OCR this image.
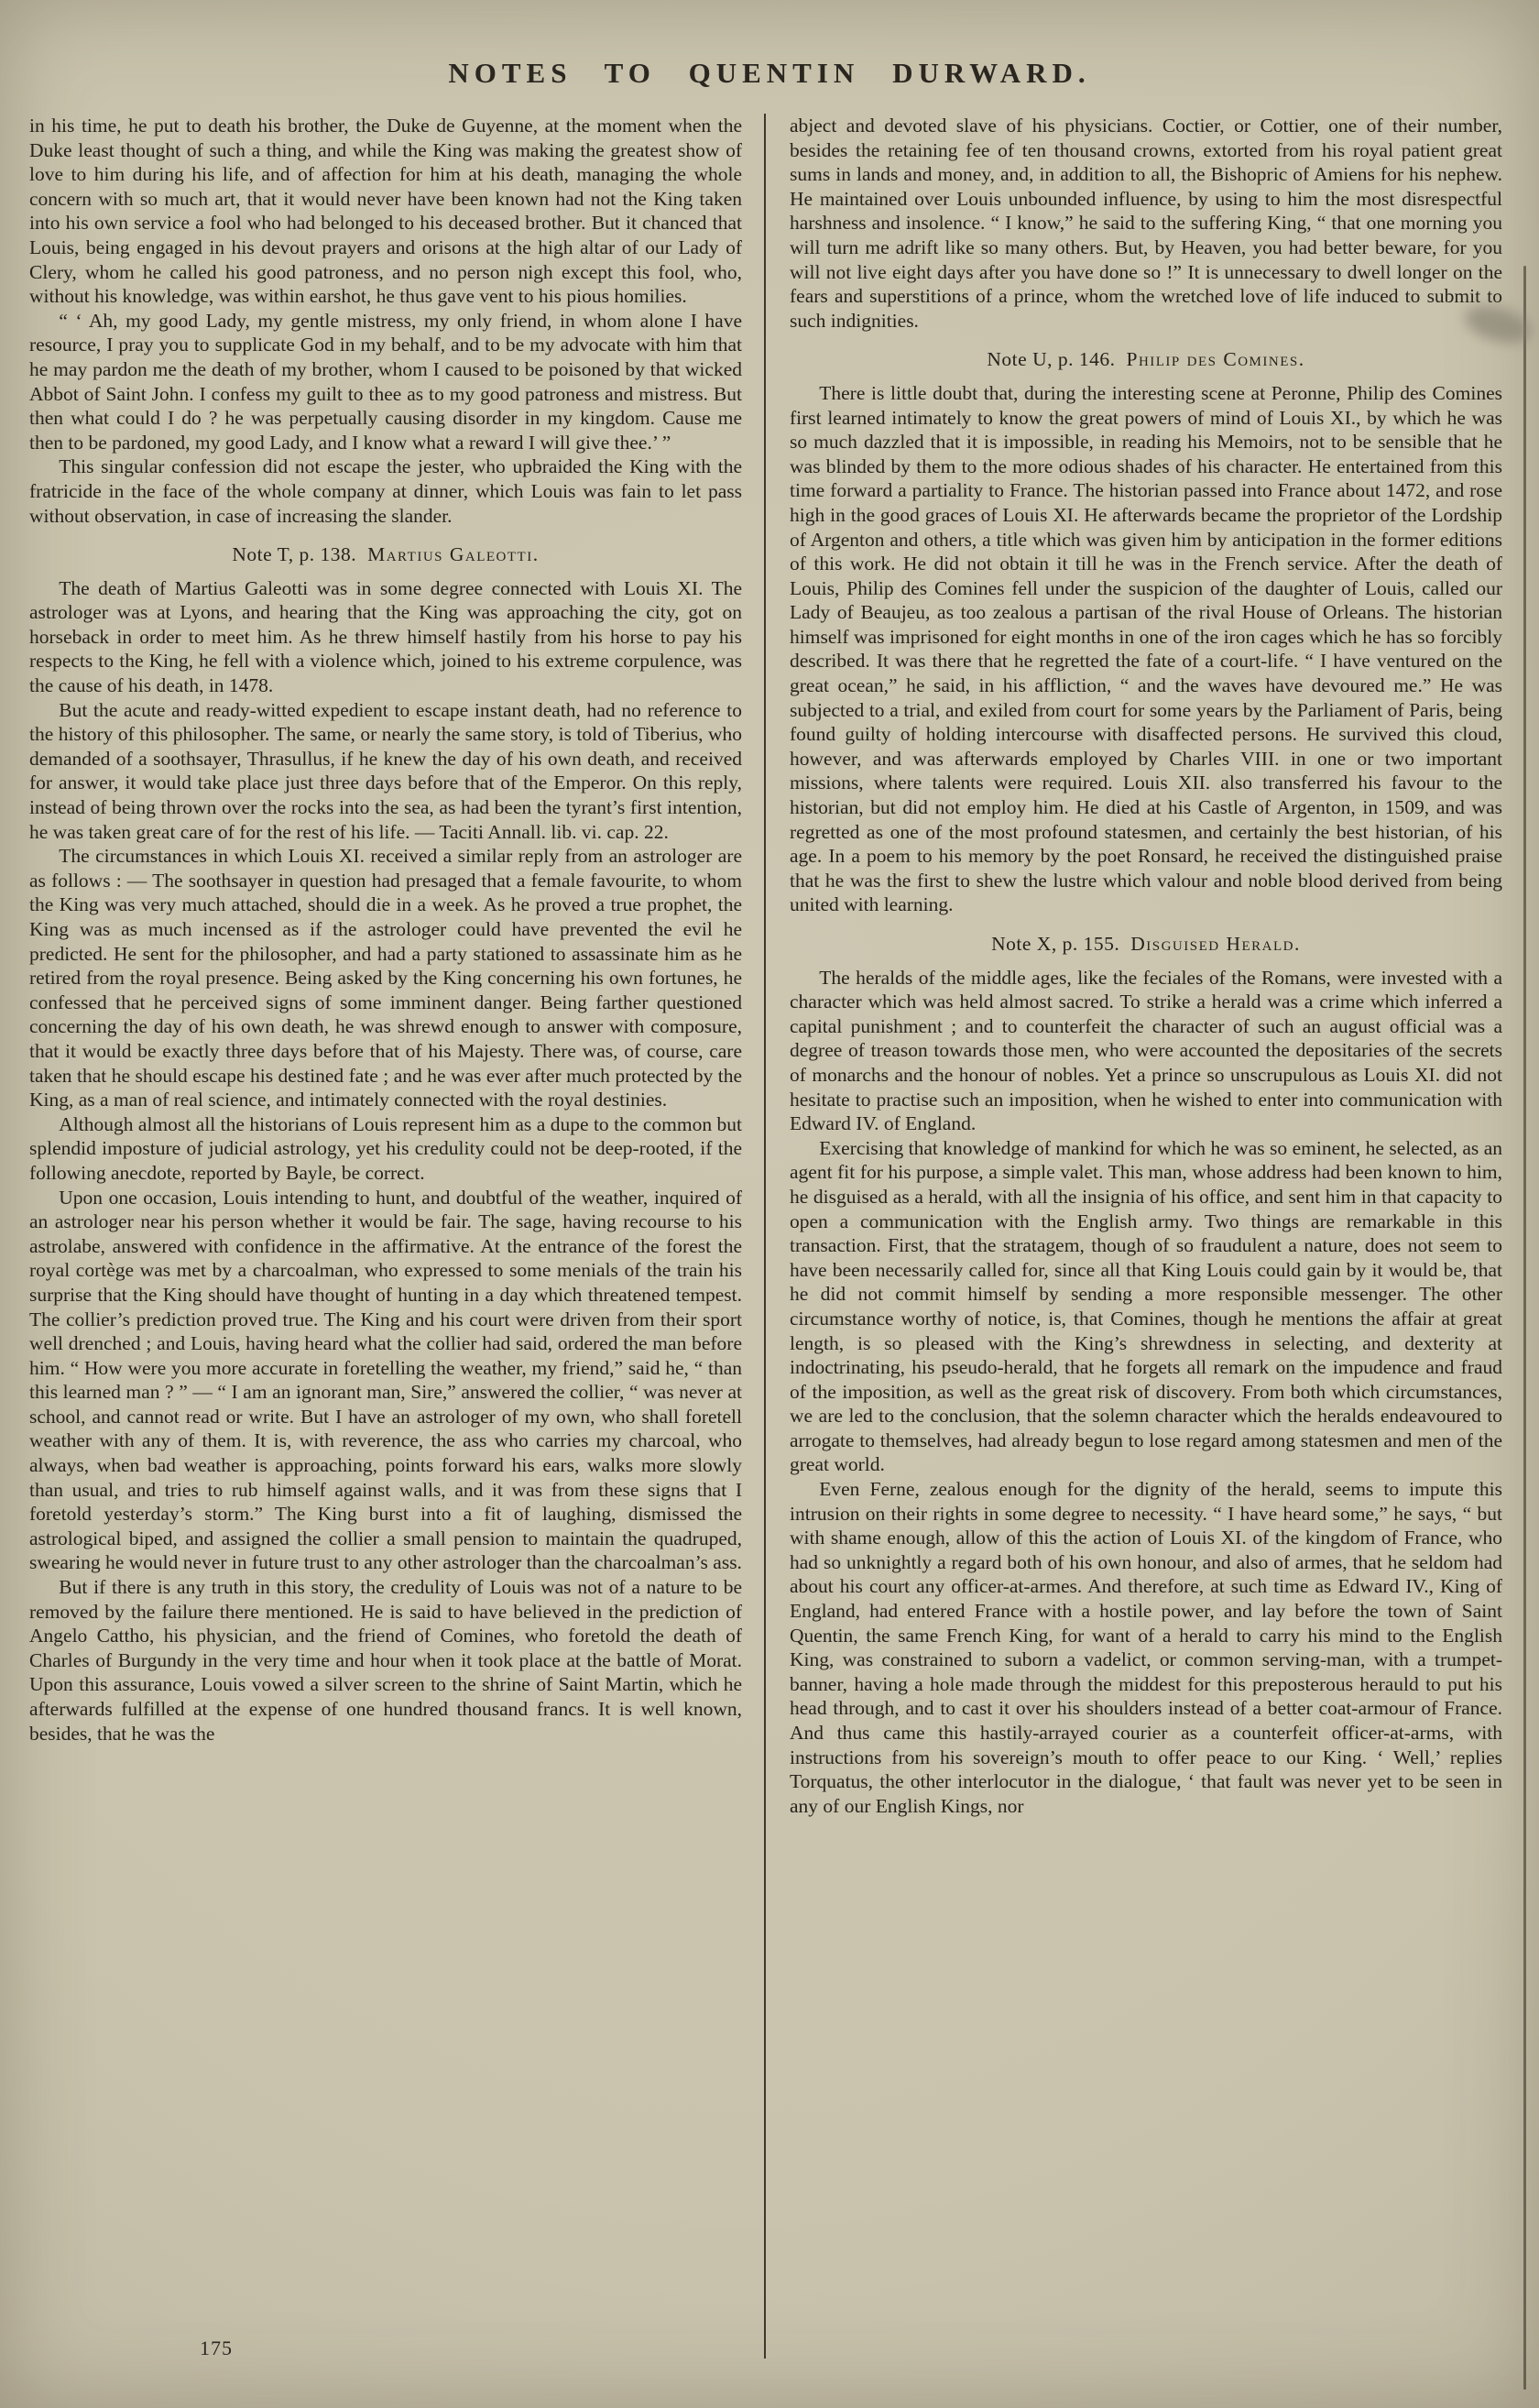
NOTES TO QUENTIN DURWARD.

in his time, he put to death his brother, the Duke de Guyenne, at the moment when the Duke least thought of such a thing, and while the King was making the greatest show of love to him during his life, and of affection for him at his death, managing the whole concern with so much art, that it would never have been known had not the King taken into his own service a fool who had belonged to his deceased brother. But it chanced that Louis, being engaged in his devout prayers and orisons at the high altar of our Lady of Clery, whom he called his good patroness, and no person nigh except this fool, who, without his knowledge, was within earshot, he thus gave vent to his pious homilies.

“ ‘ Ah, my good Lady, my gentle mistress, my only friend, in whom alone I have resource, I pray you to supplicate God in my behalf, and to be my advocate with him that he may pardon me the death of my brother, whom I caused to be poisoned by that wicked Abbot of Saint John. I confess my guilt to thee as to my good patroness and mistress. But then what could I do ? he was perpetually causing disorder in my kingdom. Cause me then to be pardoned, my good Lady, and I know what a reward I will give thee.’ ”

This singular confession did not escape the jester, who upbraided the King with the fratricide in the face of the whole company at dinner, which Louis was fain to let pass without observation, in case of increasing the slander.

Note T, p. 138. Martius Galeotti.

The death of Martius Galeotti was in some degree connected with Louis XI. The astrologer was at Lyons, and hearing that the King was approaching the city, got on horseback in order to meet him. As he threw himself hastily from his horse to pay his respects to the King, he fell with a violence which, joined to his extreme corpulence, was the cause of his death, in 1478.

But the acute and ready-witted expedient to escape instant death, had no reference to the history of this philosopher. The same, or nearly the same story, is told of Tiberius, who demanded of a soothsayer, Thrasullus, if he knew the day of his own death, and received for answer, it would take place just three days before that of the Emperor. On this reply, instead of being thrown over the rocks into the sea, as had been the tyrant’s first intention, he was taken great care of for the rest of his life. — Taciti Annall. lib. vi. cap. 22.

The circumstances in which Louis XI. received a similar reply from an astrologer are as follows : — The soothsayer in question had presaged that a female favourite, to whom the King was very much attached, should die in a week. As he proved a true prophet, the King was as much incensed as if the astrologer could have prevented the evil he predicted. He sent for the philosopher, and had a party stationed to assassinate him as he retired from the royal presence. Being asked by the King concerning his own fortunes, he confessed that he perceived signs of some imminent danger. Being farther questioned concerning the day of his own death, he was shrewd enough to answer with composure, that it would be exactly three days before that of his Majesty. There was, of course, care taken that he should escape his destined fate ; and he was ever after much protected by the King, as a man of real science, and intimately connected with the royal destinies.

Although almost all the historians of Louis represent him as a dupe to the common but splendid imposture of judicial astrology, yet his credulity could not be deep-rooted, if the following anecdote, reported by Bayle, be correct.

Upon one occasion, Louis intending to hunt, and doubtful of the weather, inquired of an astrologer near his person whether it would be fair. The sage, having recourse to his astrolabe, answered with confidence in the affirmative. At the entrance of the forest the royal cortège was met by a charcoalman, who expressed to some menials of the train his surprise that the King should have thought of hunting in a day which threatened tempest. The collier’s prediction proved true. The King and his court were driven from their sport well drenched ; and Louis, having heard what the collier had said, ordered the man before him. “ How were you more accurate in foretelling the weather, my friend,” said he, “ than this learned man ? ” — “ I am an ignorant man, Sire,” answered the collier, “ was never at school, and cannot read or write. But I have an astrologer of my own, who shall foretell weather with any of them. It is, with reverence, the ass who carries my charcoal, who always, when bad weather is approaching, points forward his ears, walks more slowly than usual, and tries to rub himself against walls, and it was from these signs that I foretold yesterday’s storm.” The King burst into a fit of laughing, dismissed the astrological biped, and assigned the collier a small pension to maintain the quadruped, swearing he would never in future trust to any other astrologer than the charcoalman’s ass.

But if there is any truth in this story, the credulity of Louis was not of a nature to be removed by the failure there mentioned. He is said to have believed in the prediction of Angelo Cattho, his physician, and the friend of Comines, who foretold the death of Charles of Burgundy in the very time and hour when it took place at the battle of Morat. Upon this assurance, Louis vowed a silver screen to the shrine of Saint Martin, which he afterwards fulfilled at the expense of one hundred thousand francs. It is well known, besides, that he was the

abject and devoted slave of his physicians. Coctier, or Cottier, one of their number, besides the retaining fee of ten thousand crowns, extorted from his royal patient great sums in lands and money, and, in addition to all, the Bishopric of Amiens for his nephew. He maintained over Louis unbounded influence, by using to him the most disrespectful harshness and insolence. “ I know,” he said to the suffering King, “ that one morning you will turn me adrift like so many others. But, by Heaven, you had better beware, for you will not live eight days after you have done so !” It is unnecessary to dwell longer on the fears and superstitions of a prince, whom the wretched love of life induced to submit to such indignities.

Note U, p. 146. Philip des Comines.

There is little doubt that, during the interesting scene at Peronne, Philip des Comines first learned intimately to know the great powers of mind of Louis XI., by which he was so much dazzled that it is impossible, in reading his Memoirs, not to be sensible that he was blinded by them to the more odious shades of his character. He entertained from this time forward a partiality to France. The historian passed into France about 1472, and rose high in the good graces of Louis XI. He afterwards became the proprietor of the Lordship of Argenton and others, a title which was given him by anticipation in the former editions of this work. He did not obtain it till he was in the French service. After the death of Louis, Philip des Comines fell under the suspicion of the daughter of Louis, called our Lady of Beaujeu, as too zealous a partisan of the rival House of Orleans. The historian himself was imprisoned for eight months in one of the iron cages which he has so forcibly described. It was there that he regretted the fate of a court-life. “ I have ventured on the great ocean,” he said, in his affliction, “ and the waves have devoured me.” He was subjected to a trial, and exiled from court for some years by the Parliament of Paris, being found guilty of holding intercourse with disaffected persons. He survived this cloud, however, and was afterwards employed by Charles VIII. in one or two important missions, where talents were required. Louis XII. also transferred his favour to the historian, but did not employ him. He died at his Castle of Argenton, in 1509, and was regretted as one of the most profound statesmen, and certainly the best historian, of his age. In a poem to his memory by the poet Ronsard, he received the distinguished praise that he was the first to shew the lustre which valour and noble blood derived from being united with learning.

Note X, p. 155. Disguised Herald.

The heralds of the middle ages, like the feciales of the Romans, were invested with a character which was held almost sacred. To strike a herald was a crime which inferred a capital punishment ; and to counterfeit the character of such an august official was a degree of treason towards those men, who were accounted the depositaries of the secrets of monarchs and the honour of nobles. Yet a prince so unscrupulous as Louis XI. did not hesitate to practise such an imposition, when he wished to enter into communication with Edward IV. of England.

Exercising that knowledge of mankind for which he was so eminent, he selected, as an agent fit for his purpose, a simple valet. This man, whose address had been known to him, he disguised as a herald, with all the insignia of his office, and sent him in that capacity to open a communication with the English army. Two things are remarkable in this transaction. First, that the stratagem, though of so fraudulent a nature, does not seem to have been necessarily called for, since all that King Louis could gain by it would be, that he did not commit himself by sending a more responsible messenger. The other circumstance worthy of notice, is, that Comines, though he mentions the affair at great length, is so pleased with the King’s shrewdness in selecting, and dexterity at indoctrinating, his pseudo-herald, that he forgets all remark on the impudence and fraud of the imposition, as well as the great risk of discovery. From both which circumstances, we are led to the conclusion, that the solemn character which the heralds endeavoured to arrogate to themselves, had already begun to lose regard among statesmen and men of the great world.

Even Ferne, zealous enough for the dignity of the herald, seems to impute this intrusion on their rights in some degree to necessity. “ I have heard some,” he says, “ but with shame enough, allow of this the action of Louis XI. of the kingdom of France, who had so unknightly a regard both of his own honour, and also of armes, that he seldom had about his court any officer-at-armes. And therefore, at such time as Edward IV., King of England, had entered France with a hostile power, and lay before the town of Saint Quentin, the same French King, for want of a herald to carry his mind to the English King, was constrained to suborn a vadelict, or common serving-man, with a trumpet-banner, having a hole made through the middest for this preposterous herauld to put his head through, and to cast it over his shoulders instead of a better coat-armour of France. And thus came this hastily-arrayed courier as a counterfeit officer-at-arms, with instructions from his sovereign’s mouth to offer peace to our King. ‘ Well,’ replies Torquatus, the other interlocutor in the dialogue, ‘ that fault was never yet to be seen in any of our English Kings, nor

175
